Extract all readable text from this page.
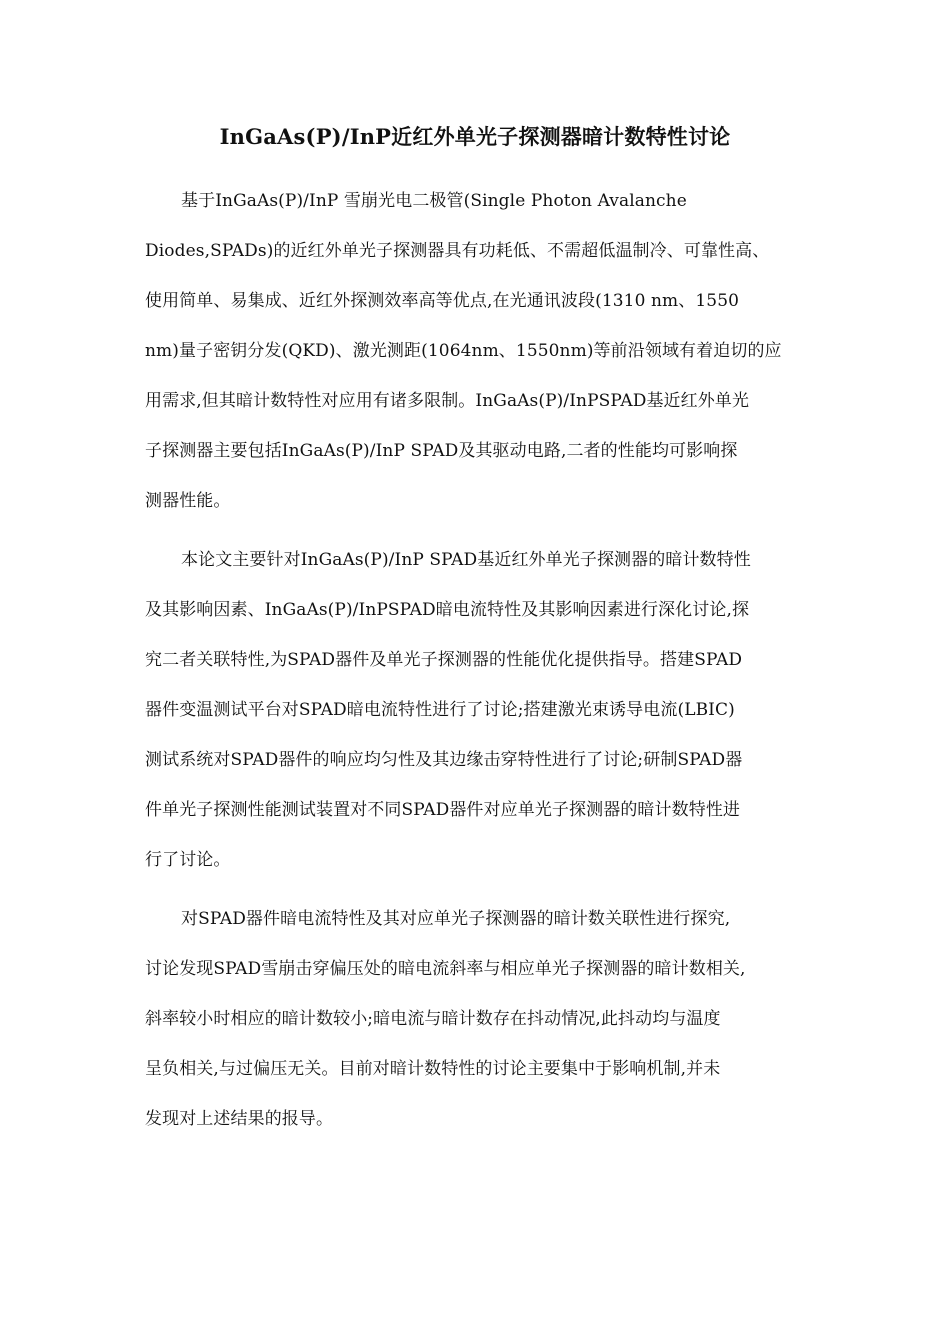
InGaAs(P)/InP近红外单光子探测器暗计数特性讨论
基于InGaAs(P)/InP 雪崩光电二极管(Single Photon Avalanche
Diodes,SPADs)的近红外单光子探测器具有功耗低、不需超低温制冷、可靠性高、
使用简单、易集成、近红外探测效率高等优点,在光通讯波段(1310 nm、1550
nm)量子密钥分发(QKD)、激光测距(1064nm、1550nm)等前沿领域有着迫切的应
用需求,但其暗计数特性对应用有诸多限制。InGaAs(P)/InPSPAD基近红外单光
子探测器主要包括InGaAs(P)/InP SPAD及其驱动电路,二者的性能均可影响探
测器性能。
本论文主要针对InGaAs(P)/InP SPAD基近红外单光子探测器的暗计数特性
及其影响因素、InGaAs(P)/InPSPAD暗电流特性及其影响因素进行深化讨论,探
究二者关联特性,为SPAD器件及单光子探测器的性能优化提供指导。搭建SPAD
器件变温测试平台对SPAD暗电流特性进行了讨论;搭建激光束诱导电流(LBIC)
测试系统对SPAD器件的响应均匀性及其边缘击穿特性进行了讨论;研制SPAD器
件单光子探测性能测试装置对不同SPAD器件对应单光子探测器的暗计数特性进
行了讨论。
对SPAD器件暗电流特性及其对应单光子探测器的暗计数关联性进行探究,
讨论发现SPAD雪崩击穿偏压处的暗电流斜率与相应单光子探测器的暗计数相关,
斜率较小时相应的暗计数较小;暗电流与暗计数存在抖动情况,此抖动均与温度
呈负相关,与过偏压无关。目前对暗计数特性的讨论主要集中于影响机制,并未
发现对上述结果的报导。
